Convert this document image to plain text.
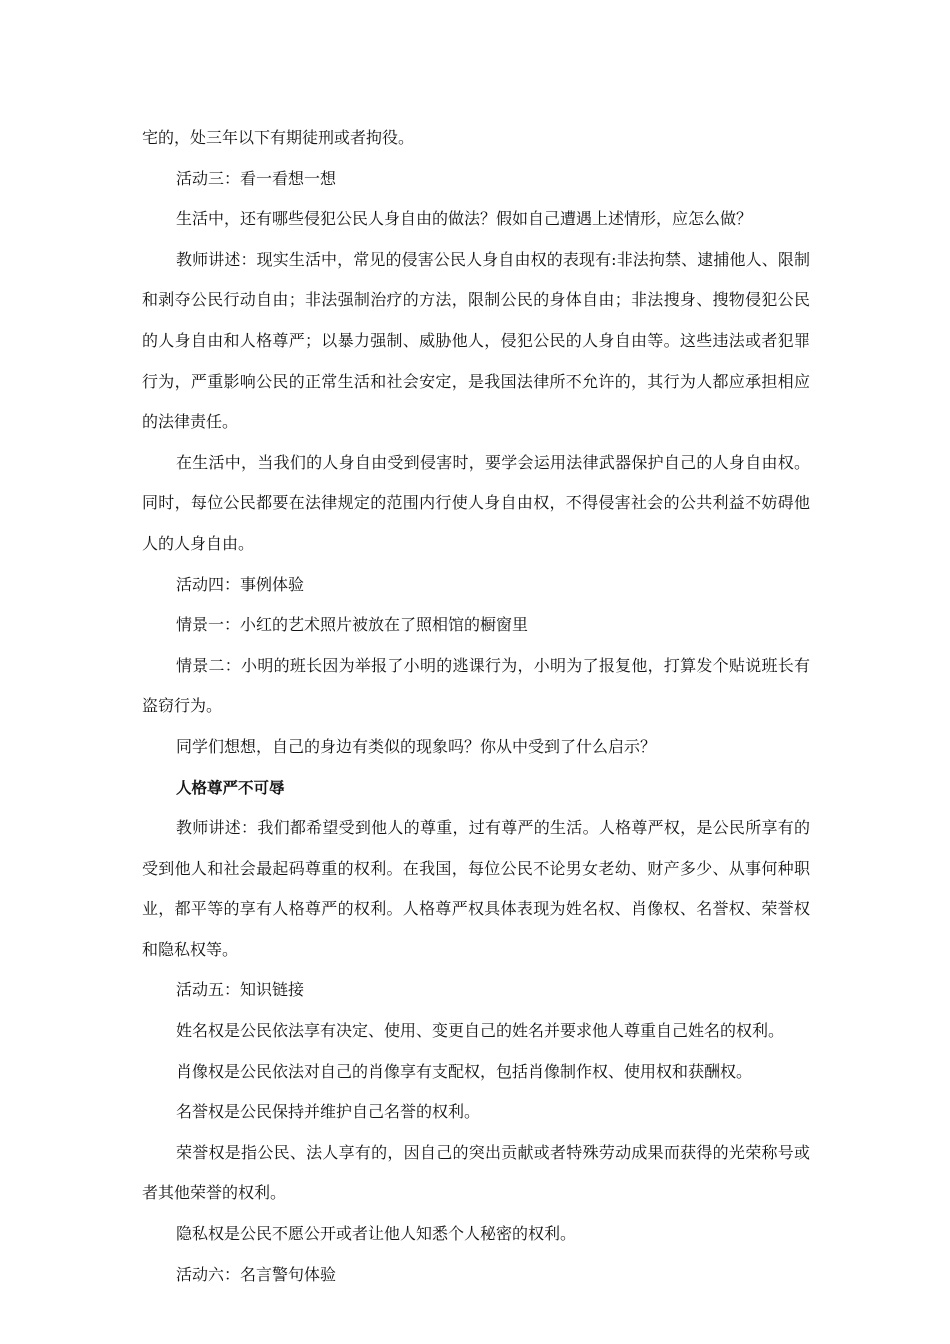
宅的，处三年以下有期徒刑或者拘役。

活动三：看一看想一想

生活中，还有哪些侵犯公民人身自由的做法？假如自己遭遇上述情形，应怎么做？

教师讲述：现实生活中，常见的侵害公民人身自由权的表现有:非法拘禁、逮捕他人、限制和剥夺公民行动自由；非法强制治疗的方法，限制公民的身体自由；非法搜身、搜物侵犯公民的人身自由和人格尊严；以暴力强制、威胁他人，侵犯公民的人身自由等。这些违法或者犯罪行为，严重影响公民的正常生活和社会安定，是我国法律所不允许的，其行为人都应承担相应的法律责任。

在生活中，当我们的人身自由受到侵害时，要学会运用法律武器保护自己的人身自由权。同时，每位公民都要在法律规定的范围内行使人身自由权，不得侵害社会的公共利益不妨碍他人的人身自由。

活动四：事例体验

情景一：小红的艺术照片被放在了照相馆的橱窗里

情景二：小明的班长因为举报了小明的逃课行为，小明为了报复他，打算发个贴说班长有盗窃行为。

同学们想想，自己的身边有类似的现象吗？你从中受到了什么启示？

人格尊严不可辱

教师讲述：我们都希望受到他人的尊重，过有尊严的生活。人格尊严权，是公民所享有的受到他人和社会最起码尊重的权利。在我国，每位公民不论男女老幼、财产多少、从事何种职业，都平等的享有人格尊严的权利。人格尊严权具体表现为姓名权、肖像权、名誉权、荣誉权和隐私权等。

活动五：知识链接

姓名权是公民依法享有决定、使用、变更自己的姓名并要求他人尊重自己姓名的权利。

肖像权是公民依法对自己的肖像享有支配权，包括肖像制作权、使用权和获酬权。

名誉权是公民保持并维护自己名誉的权利。

荣誉权是指公民、法人享有的，因自己的突出贡献或者特殊劳动成果而获得的光荣称号或者其他荣誉的权利。

隐私权是公民不愿公开或者让他人知悉个人秘密的权利。

活动六：名言警句体验
